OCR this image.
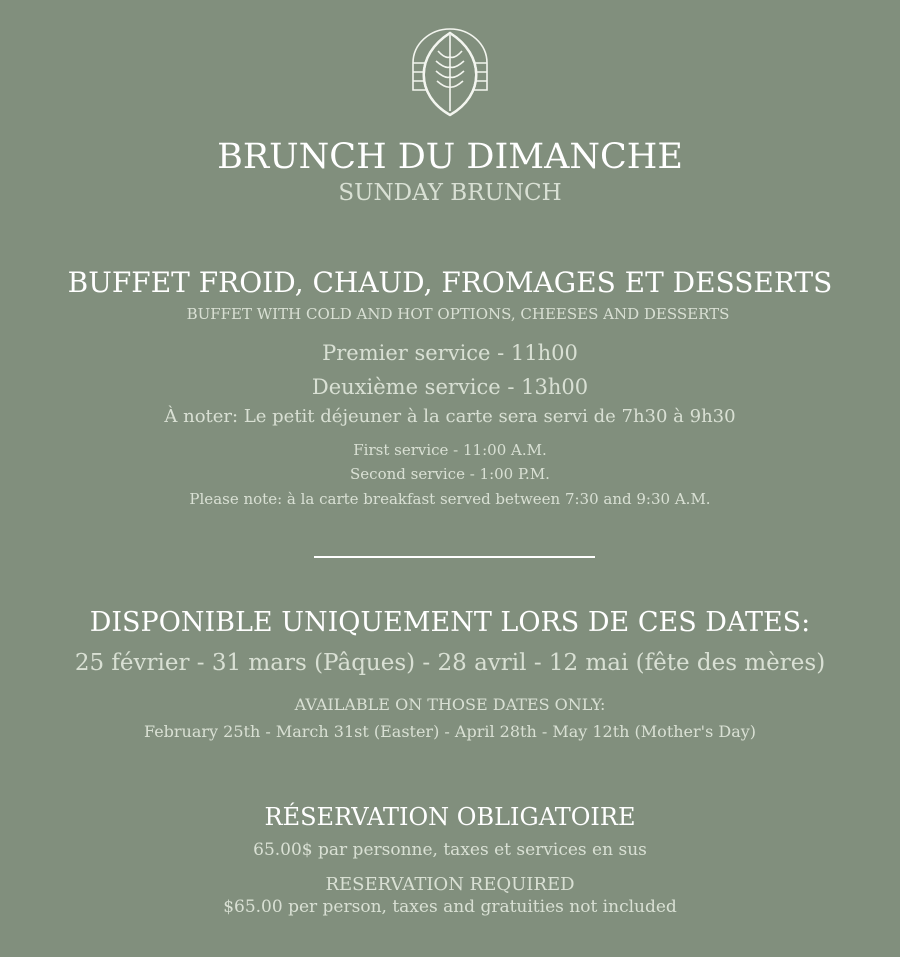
BRUNCH DU DIMANCHE
SUNDAY BRUNCH
BUFFET FROID, CHAUD, FROMAGES ET DESSERTS
BUFFET WITH COLD AND HOT OPTIONS, CHEESES AND DESSERTS
Premier service - 11h00
Deuxième service - 13h00
À noter: Le petit déjeuner à la carte sera servi de 7h30 à 9h30
First service - 11:00 A.M.
Second service - 1:00 P.M.
Please note: à la carte breakfast served between 7:30 and 9:30 A.M.
DISPONIBLE UNIQUEMENT LORS DE CES DATES:
25 février - 31 mars (Pâques) - 28 avril - 12 mai (fête des mères)
AVAILABLE ON THOSE DATES ONLY:
February 25th - March 31st (Easter) - April 28th - May 12th (Mother's Day)
RÉSERVATION OBLIGATOIRE
65.00$ par personne, taxes et services en sus
RESERVATION REQUIRED
$65.00 per person, taxes and gratuities not included
